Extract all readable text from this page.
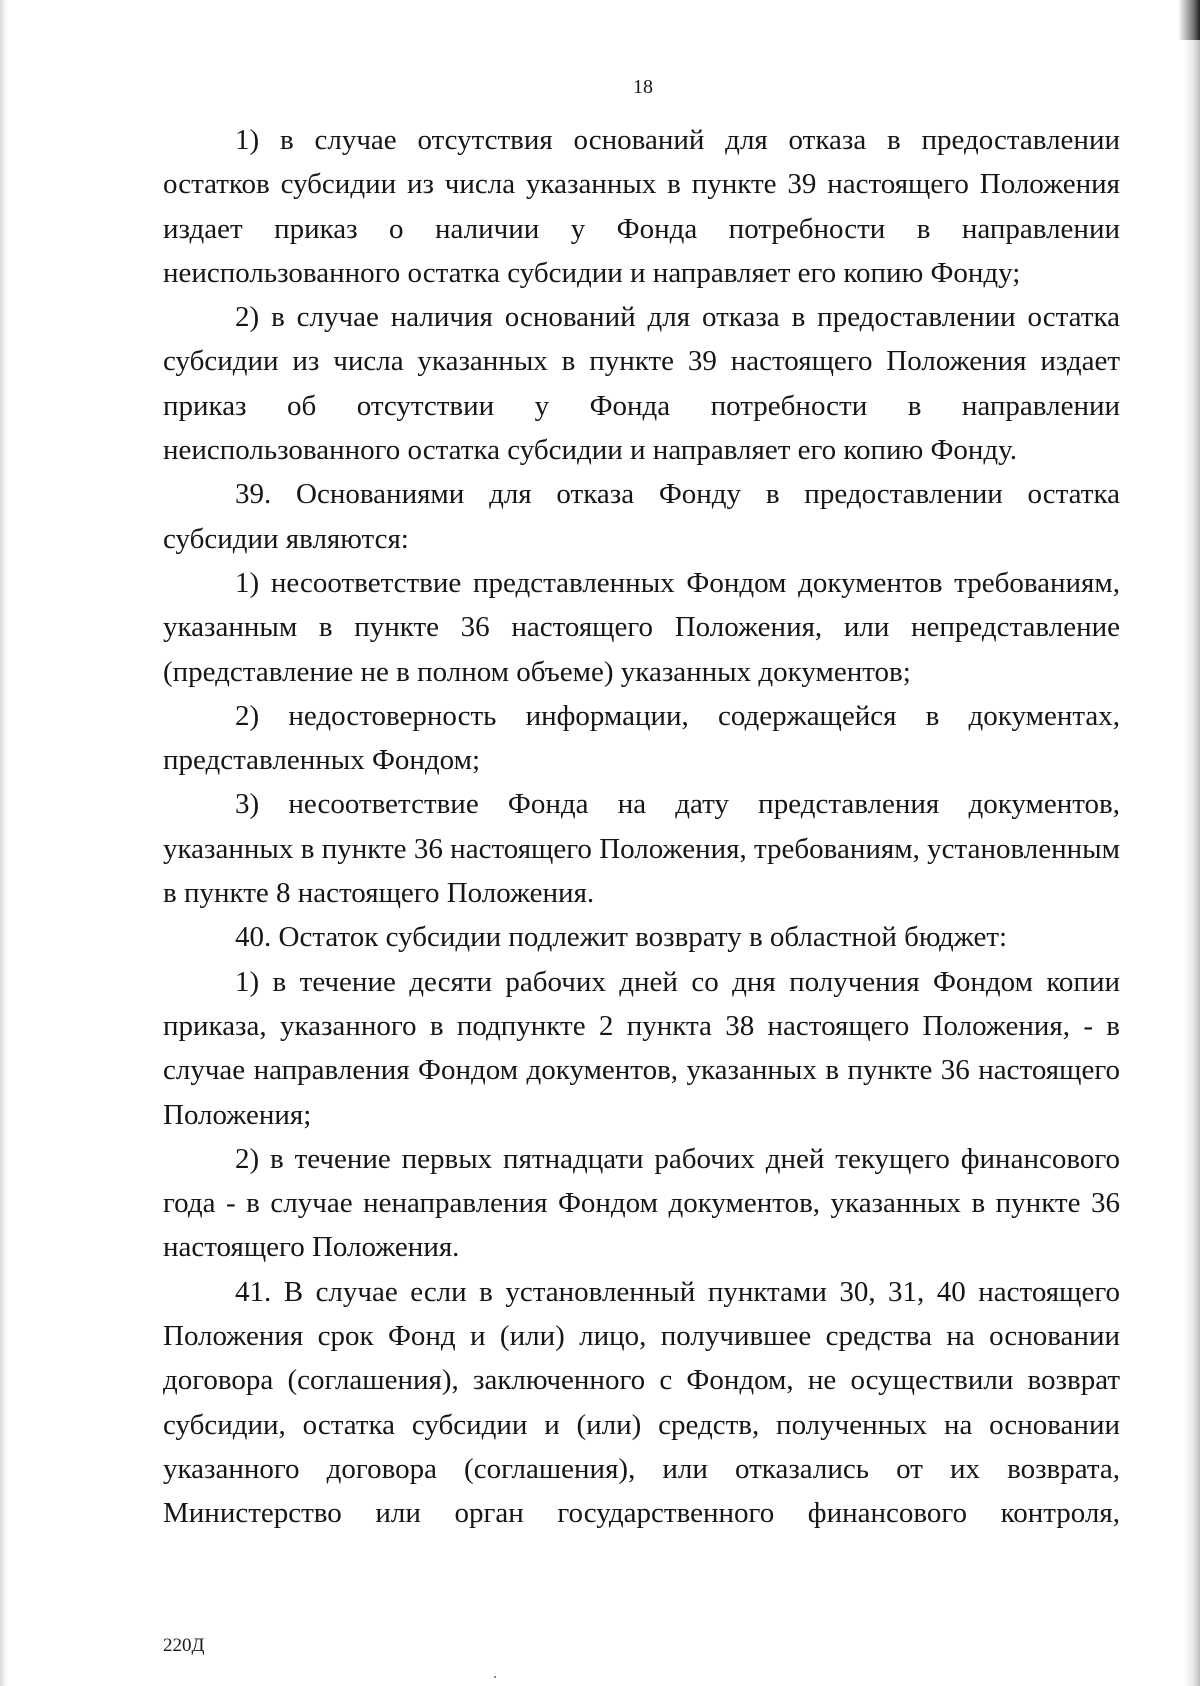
18

1) в случае отсутствия оснований для отказа в предоставлении остатков субсидии из числа указанных в пункте 39 настоящего Положения издает приказ о наличии у Фонда потребности в направлении неиспользованного остатка субсидии и направляет его копию Фонду;

2) в случае наличия оснований для отказа в предоставлении остатка субсидии из числа указанных в пункте 39 настоящего Положения издает приказ об отсутствии у Фонда потребности в направлении неиспользованного остатка субсидии и направляет его копию Фонду.

39. Основаниями для отказа Фонду в предоставлении остатка субсидии являются:

1) несоответствие представленных Фондом документов требованиям, указанным в пункте 36 настоящего Положения, или непредставление (представление не в полном объеме) указанных документов;

2) недостоверность информации, содержащейся в документах, представленных Фондом;

3) несоответствие Фонда на дату представления документов, указанных в пункте 36 настоящего Положения, требованиям, установленным в пункте 8 настоящего Положения.

40. Остаток субсидии подлежит возврату в областной бюджет:

1) в течение десяти рабочих дней со дня получения Фондом копии приказа, указанного в подпункте 2 пункта 38 настоящего Положения, - в случае направления Фондом документов, указанных в пункте 36 настоящего Положения;

2) в течение первых пятнадцати рабочих дней текущего финансового года - в случае ненаправления Фондом документов, указанных в пункте 36 настоящего Положения.

41. В случае если в установленный пунктами 30, 31, 40 настоящего Положения срок Фонд и (или) лицо, получившее средства на основании договора (соглашения), заключенного с Фондом, не осуществили возврат субсидии, остатка субсидии и (или) средств, полученных на основании указанного договора (соглашения), или отказались от их возврата, Министерство или орган государственного финансового контроля,

220Д
